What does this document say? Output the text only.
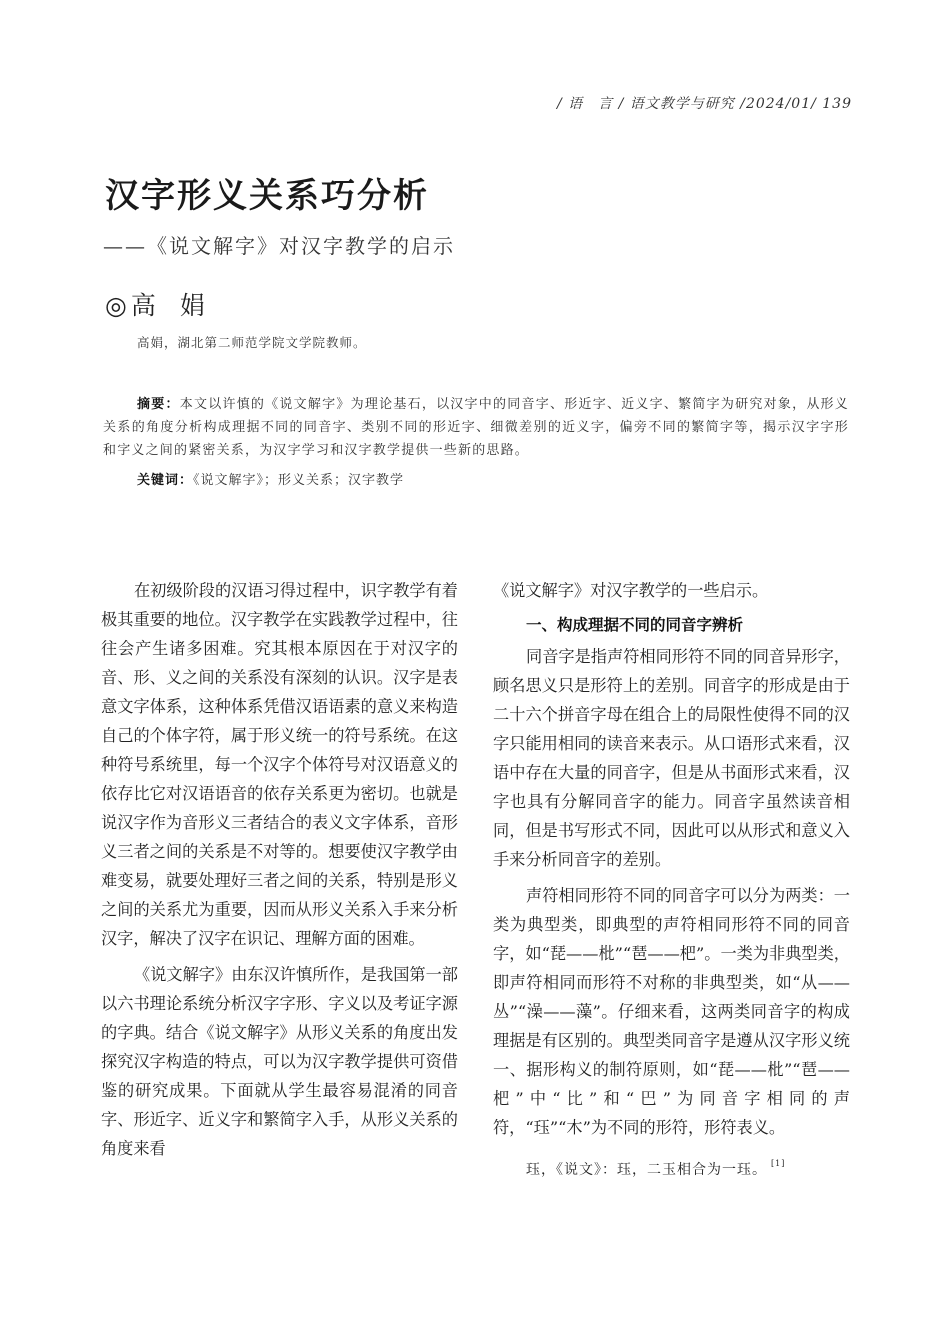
/ 语　言 / 语文教学与研究 /2024/01/ 139
汉字形义关系巧分析
——《说文解字》对汉字教学的启示
◎ 高娟
高娟，湖北第二师范学院文学院教师。
摘要：本文以许慎的《说文解字》为理论基石，以汉字中的同音字、形近字、近义字、繁简字为研究对象，从形义关系的角度分析构成理据不同的同音字、类别不同的形近字、细微差别的近义字，偏旁不同的繁简字等，揭示汉字字形和字义之间的紧密关系，为汉字学习和汉字教学提供一些新的思路。
关键词：《说文解字》；形义关系；汉字教学

在初级阶段的汉语习得过程中，识字教学有着极其重要的地位。汉字教学在实践教学过程中，往往会产生诸多困难。究其根本原因在于对汉字的音、形、义之间的关系没有深刻的认识。汉字是表意文字体系，这种体系凭借汉语语素的意义来构造自己的个体字符，属于形义统一的符号系统。在这种符号系统里，每一个汉字个体符号对汉语意义的依存比它对汉语语音的依存关系更为密切。也就是说汉字作为音形义三者结合的表义文字体系，音形义三者之间的关系是不对等的。想要使汉字教学由难变易，就要处理好三者之间的关系，特别是形义之间的关系尤为重要，因而从形义关系入手来分析汉字，解决了汉字在识记、理解方面的困难。

《说文解字》由东汉许慎所作，是我国第一部以六书理论系统分析汉字字形、字义以及考证字源的字典。结合《说文解字》从形义关系的角度出发探究汉字构造的特点，可以为汉字教学提供可资借鉴的研究成果。下面就从学生最容易混淆的同音字、形近字、近义字和繁简字入手，从形义关系的角度来看

《说文解字》对汉字教学的一些启示。

一、构成理据不同的同音字辨析

同音字是指声符相同形符不同的同音异形字，顾名思义只是形符上的差别。同音字的形成是由于二十六个拼音字母在组合上的局限性使得不同的汉字只能用相同的读音来表示。从口语形式来看，汉语中存在大量的同音字，但是从书面形式来看，汉字也具有分解同音字的能力。同音字虽然读音相同，但是书写形式不同，因此可以从形式和意义入手来分析同音字的差别。

声符相同形符不同的同音字可以分为两类：一类为典型类，即典型的声符相同形符不同的同音字，如“琵——枇”“琶——杷”。一类为非典型类，即声符相同而形符不对称的非典型类，如“从——丛”“澡——藻”。仔细来看，这两类同音字的构成理据是有区别的。典型类同音字是遵从汉字形义统一、据形构义的制符原则，如“琵——枇”“琶——杷”中“比”和“巴”为同音字相同的声符，“珏”“木”为不同的形符，形符表义。

珏，《说文》：珏，二玉相合为一珏。 [1]
